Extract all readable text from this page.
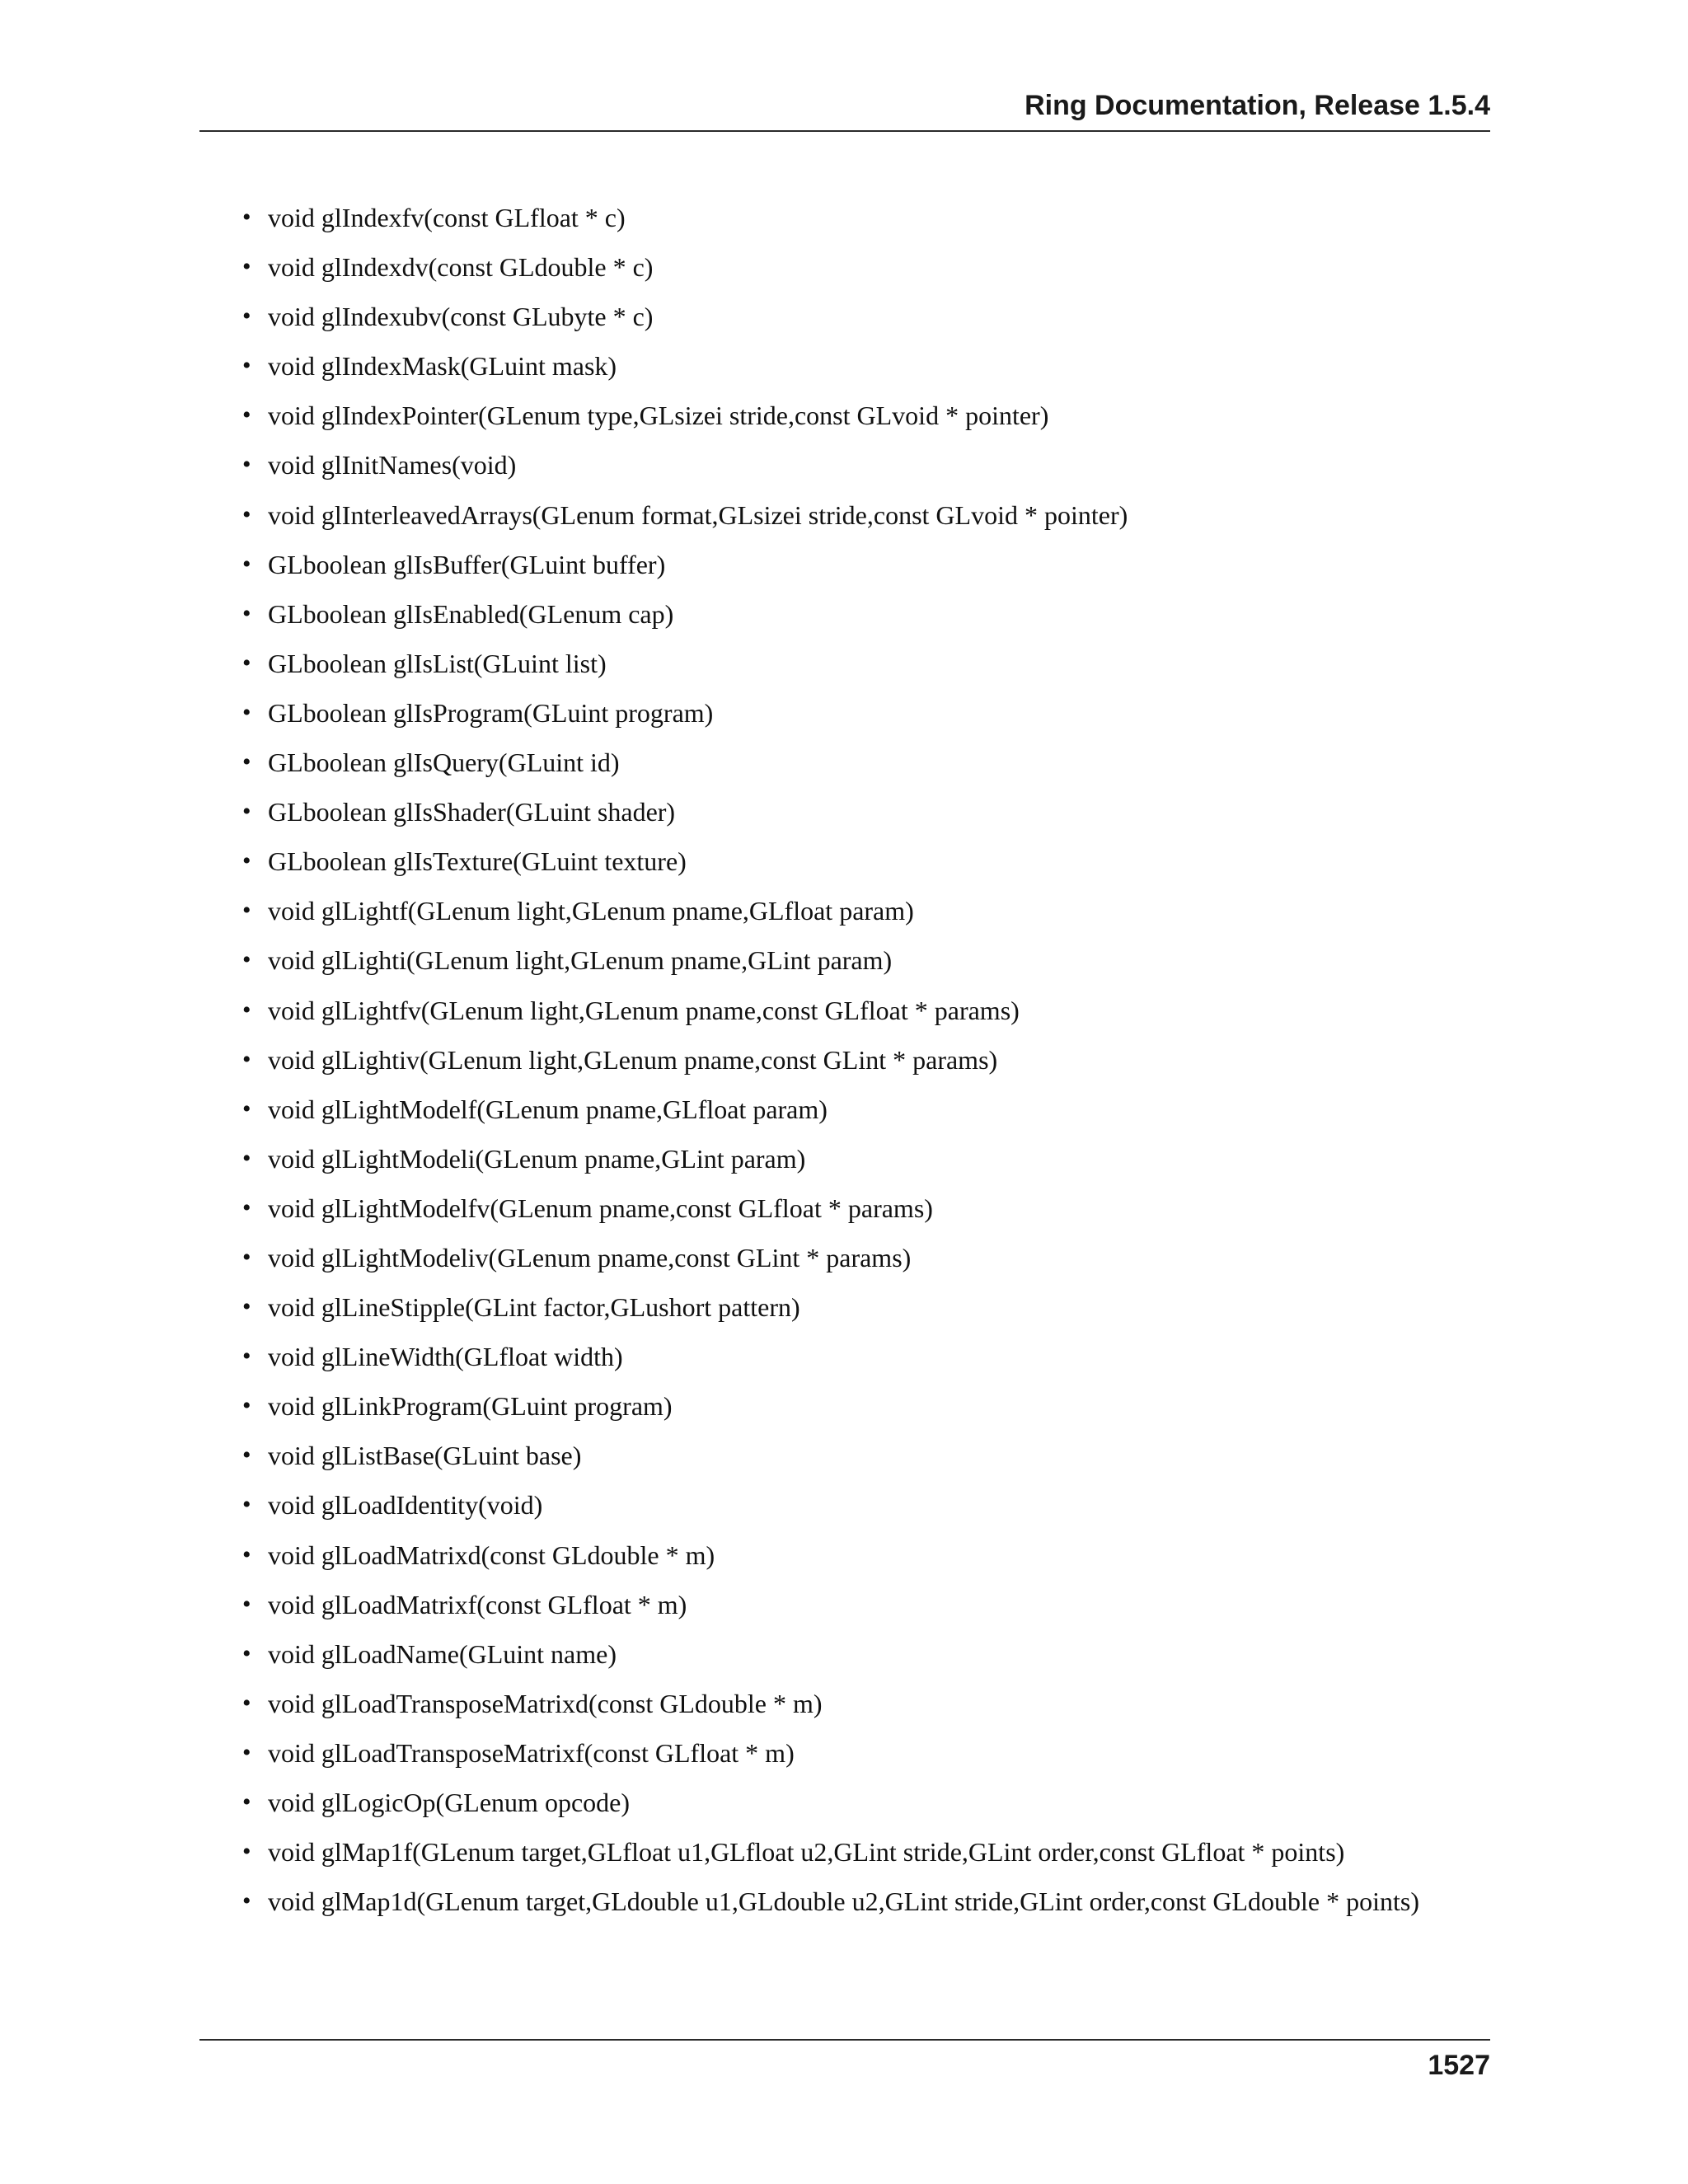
Ring Documentation, Release 1.5.4
• void glIndexfv(const GLfloat * c)
• void glIndexdv(const GLdouble * c)
• void glIndexubv(const GLubyte * c)
• void glIndexMask(GLuint mask)
• void glIndexPointer(GLenum type,GLsizei stride,const GLvoid * pointer)
• void glInitNames(void)
• void glInterleavedArrays(GLenum format,GLsizei stride,const GLvoid * pointer)
• GLboolean glIsBuffer(GLuint buffer)
• GLboolean glIsEnabled(GLenum cap)
• GLboolean glIsList(GLuint list)
• GLboolean glIsProgram(GLuint program)
• GLboolean glIsQuery(GLuint id)
• GLboolean glIsShader(GLuint shader)
• GLboolean glIsTexture(GLuint texture)
• void glLightf(GLenum light,GLenum pname,GLfloat param)
• void glLighti(GLenum light,GLenum pname,GLint param)
• void glLightfv(GLenum light,GLenum pname,const GLfloat * params)
• void glLightiv(GLenum light,GLenum pname,const GLint * params)
• void glLightModelf(GLenum pname,GLfloat param)
• void glLightModeli(GLenum pname,GLint param)
• void glLightModelfv(GLenum pname,const GLfloat * params)
• void glLightModeliv(GLenum pname,const GLint * params)
• void glLineStipple(GLint factor,GLushort pattern)
• void glLineWidth(GLfloat width)
• void glLinkProgram(GLuint program)
• void glListBase(GLuint base)
• void glLoadIdentity(void)
• void glLoadMatrixd(const GLdouble * m)
• void glLoadMatrixf(const GLfloat * m)
• void glLoadName(GLuint name)
• void glLoadTransposeMatrixd(const GLdouble * m)
• void glLoadTransposeMatrixf(const GLfloat * m)
• void glLogicOp(GLenum opcode)
• void glMap1f(GLenum target,GLfloat u1,GLfloat u2,GLint stride,GLint order,const GLfloat * points)
• void glMap1d(GLenum target,GLdouble u1,GLdouble u2,GLint stride,GLint order,const GLdouble * points)
1527
